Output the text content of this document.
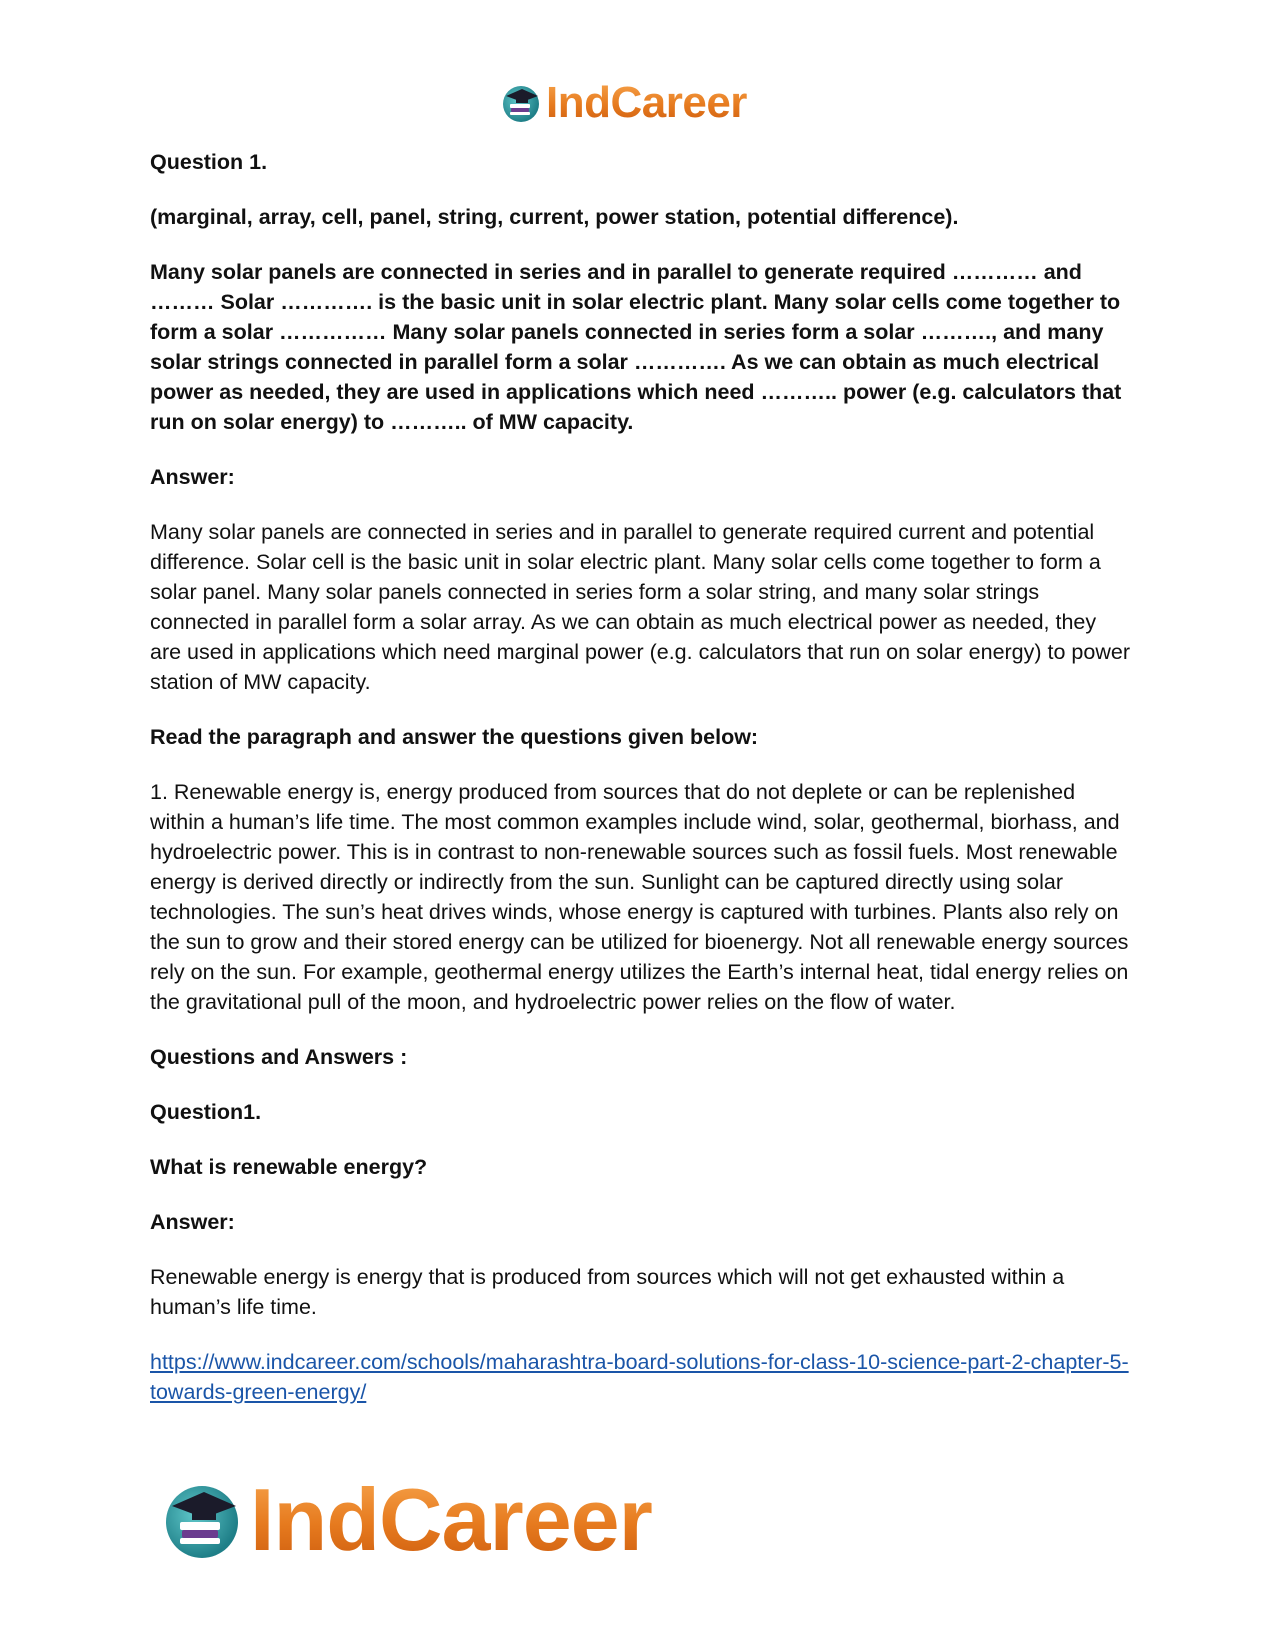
IndCareer

Question 1.

(marginal, array, cell, panel, string, current, power station, potential difference).

Many solar panels are connected in series and in parallel to generate required ………… and ……… Solar …………. is the basic unit in solar electric plant. Many solar cells come together to form a solar …………… Many solar panels connected in series form a solar ………., and many solar strings connected in parallel form a solar …………. As we can obtain as much electrical power as needed, they are used in applications which need ……….. power (e.g. calculators that run on solar energy) to ……….. of MW capacity.

Answer:

Many solar panels are connected in series and in parallel to generate required current and potential difference. Solar cell is the basic unit in solar electric plant. Many solar cells come together to form a solar panel. Many solar panels connected in series form a solar string, and many solar strings connected in parallel form a solar array. As we can obtain as much electrical power as needed, they are used in applications which need marginal power (e.g. calculators that run on solar energy) to power station of MW capacity.

Read the paragraph and answer the questions given below:

1. Renewable energy is, energy produced from sources that do not deplete or can be replenished within a human’s life time. The most common examples include wind, solar, geothermal, biorhass, and hydroelectric power. This is in contrast to non-renewable sources such as fossil fuels. Most renewable energy is derived directly or indirectly from the sun. Sunlight can be captured directly using solar technologies. The sun’s heat drives winds, whose energy is captured with turbines. Plants also rely on the sun to grow and their stored energy can be utilized for bioenergy. Not all renewable energy sources rely on the sun. For example, geothermal energy utilizes the Earth’s internal heat, tidal energy relies on the gravitational pull of the moon, and hydroelectric power relies on the flow of water.

Questions and Answers :

Question1.

What is renewable energy?

Answer:

Renewable energy is energy that is produced from sources which will not get exhausted within a human’s life time.

https://www.indcareer.com/schools/maharashtra-board-solutions-for-class-10-science-part-2-chapter-5-towards-green-energy/
IndCareer
